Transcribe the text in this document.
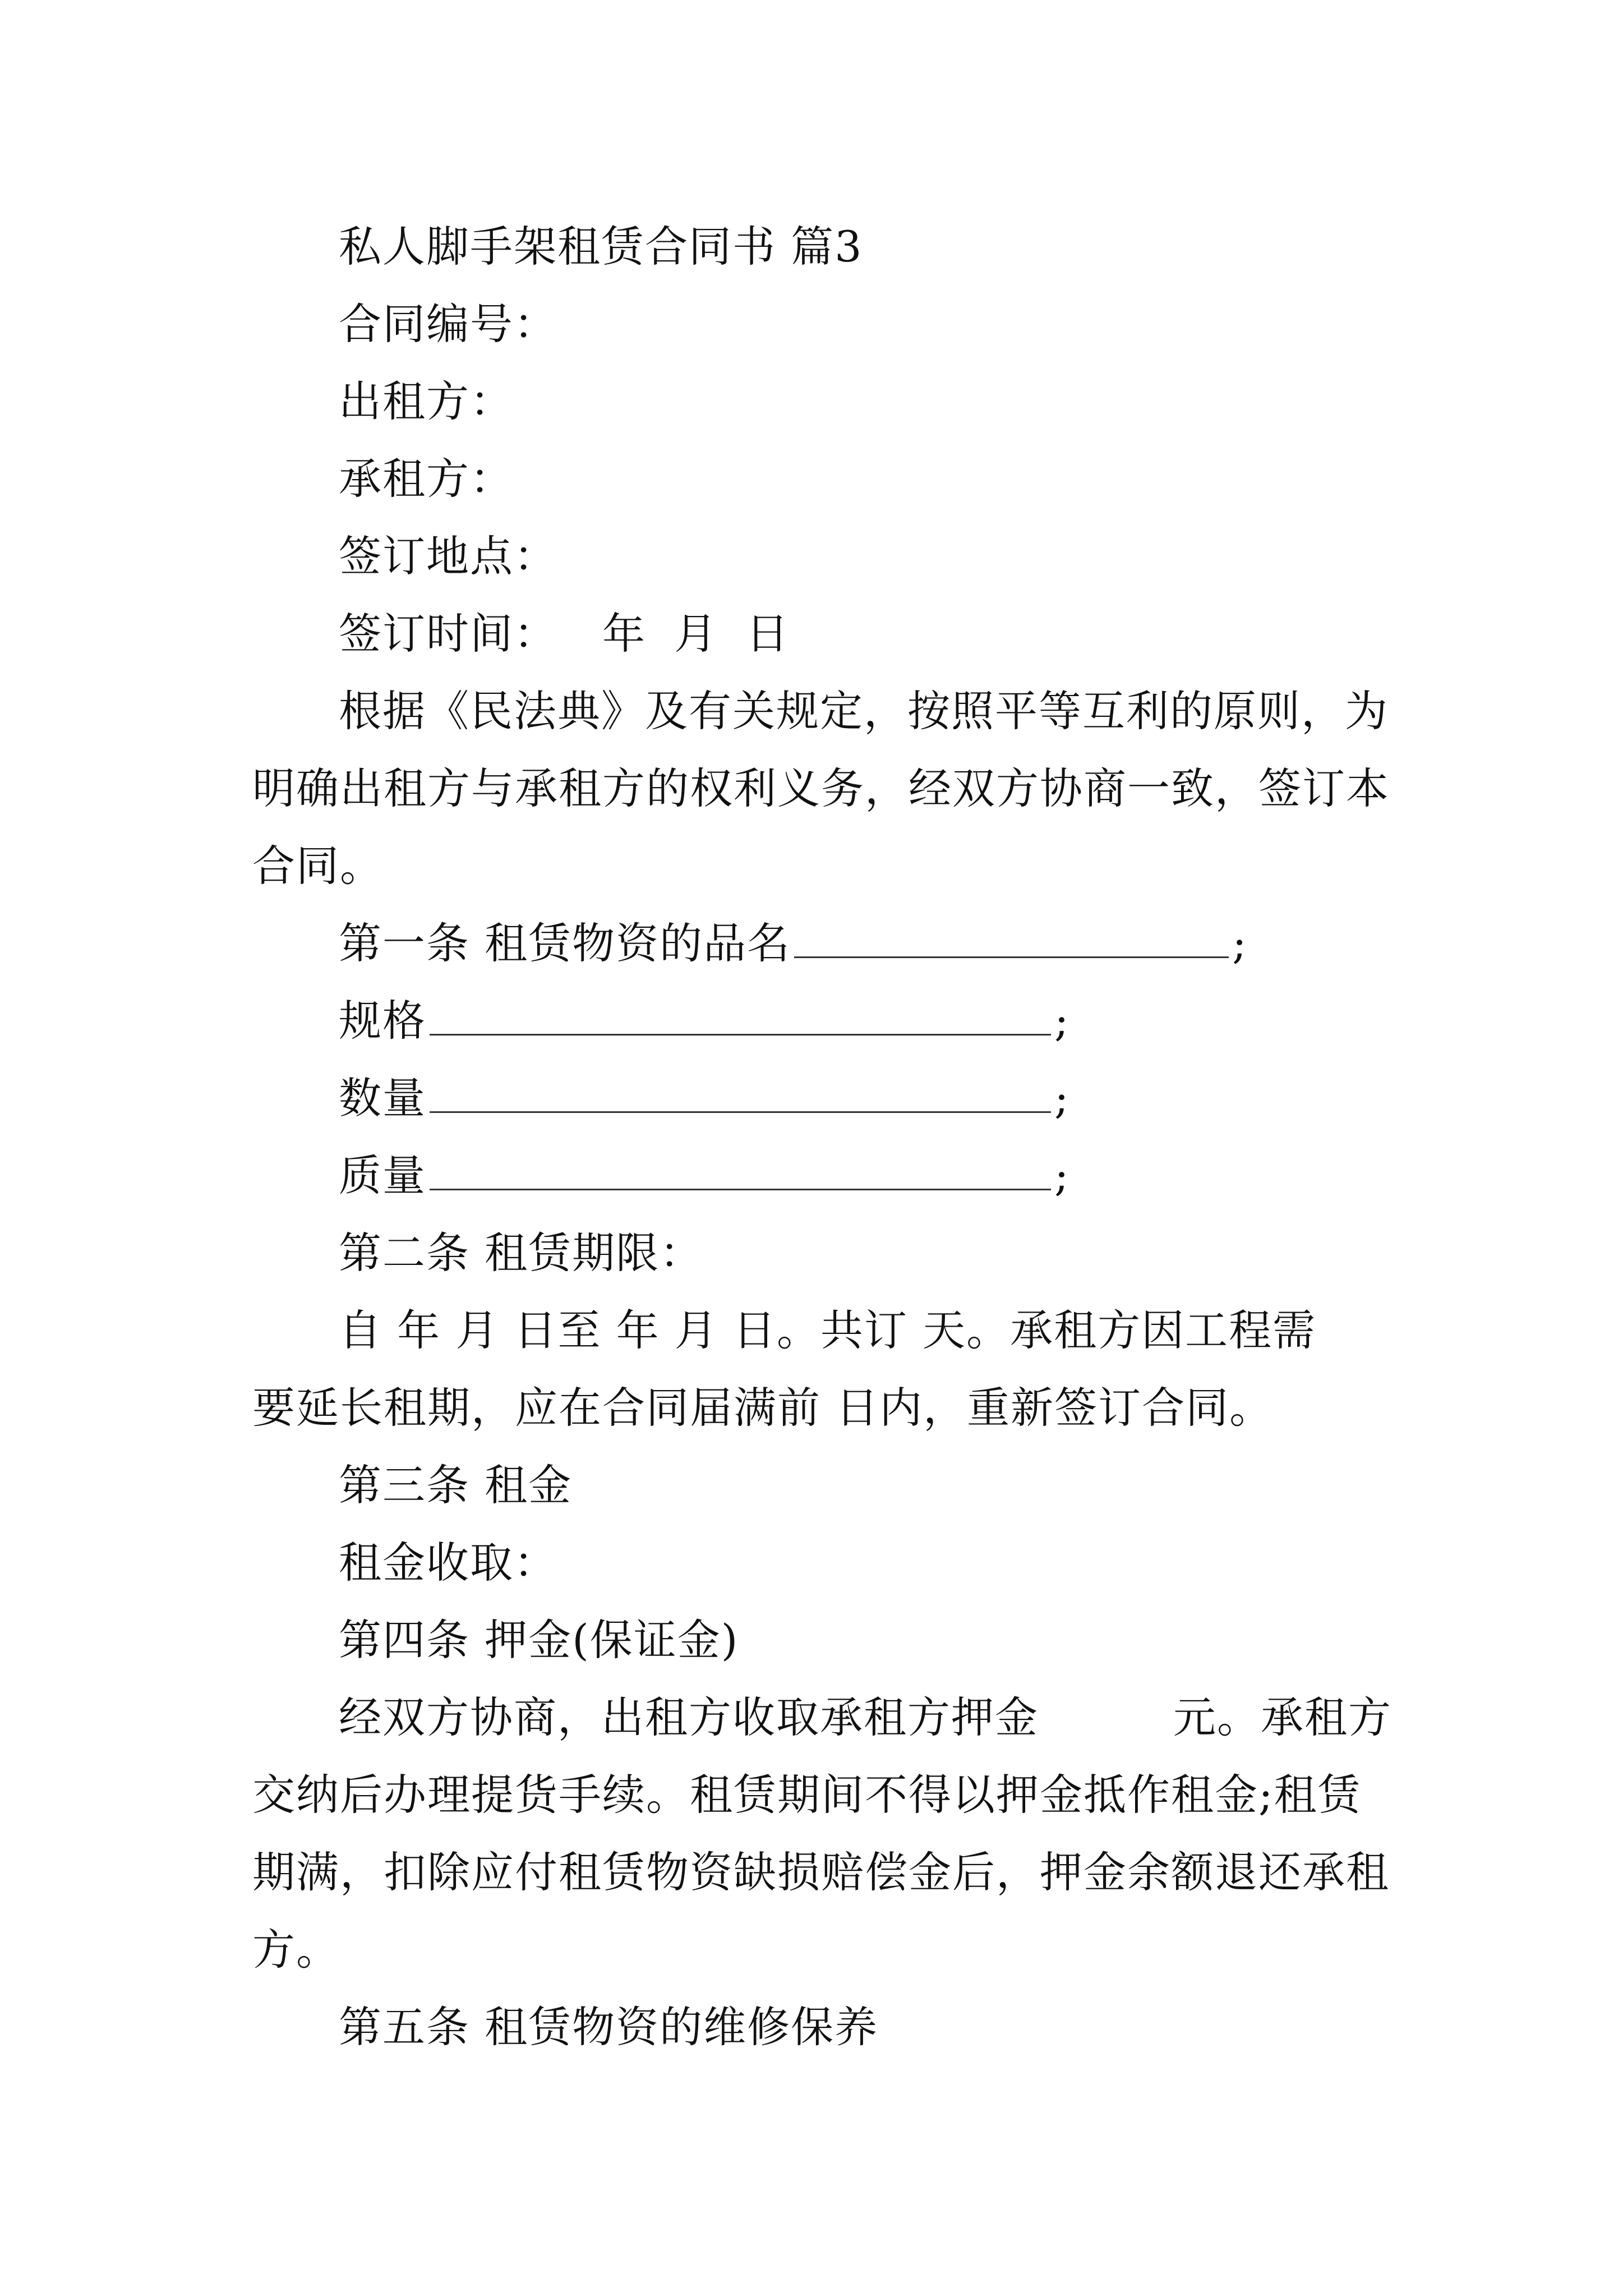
私人脚手架租赁合同书 篇3
合同编号：
出租方：
承租方：
签订地点：
签订时间： 年 月 日
根据《民法典》及有关规定，按照平等互利的原则，为
明确出租方与承租方的权利义务，经双方协商一致，签订本
合同。
第一条 租赁物资的品名	;
规格	;
数量	;
质量	;
第二条 租赁期限：
自 年 月 日至 年 月 日。共订 天。承租方因工程需
要延长租期，应在合同届满前 日内，重新签订合同。
第三条 租金
租金收取：
第四条 押金(保证金)
经双方协商，出租方收取承租方押金	元。承租方
交纳后办理提货手续。租赁期间不得以押金抵作租金;租赁
期满，扣除应付租赁物资缺损赔偿金后，押金余额退还承租
方。
第五条 租赁物资的维修保养
